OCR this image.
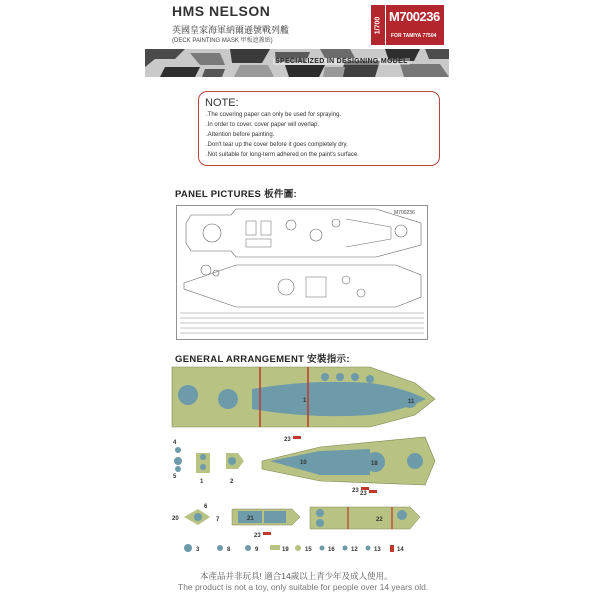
HMS NELSON
英國皇家海軍納爾遜號戰列艦
(DECK PAINTING MASK 甲板遮蓋紙)
1/700 M700236
FOR TAMIYA 77504
SPECIALIZED IN DESIGNING MODEL
NOTE:
.The covering paper can only be used for spraying.
.In order to cover, cover paper will overlap.
.Attention before painting.
.Don't tear up the cover before it goes completely dry.
.Not suitable for long-term adhered on the paint's surface.
PANEL PICTURES 板件圖:
M700236
GENERAL ARRANGEMENT 安裝指示:
1	11
23
4
5
1	2
10	18
23
20
6
7	21
23
22
23
3	8	9	19	15	16	12	13	14
本產品并非玩具! 適合14歲以上青少年及成人使用。
The product is not a toy, only suitable for people over 14 years old.
